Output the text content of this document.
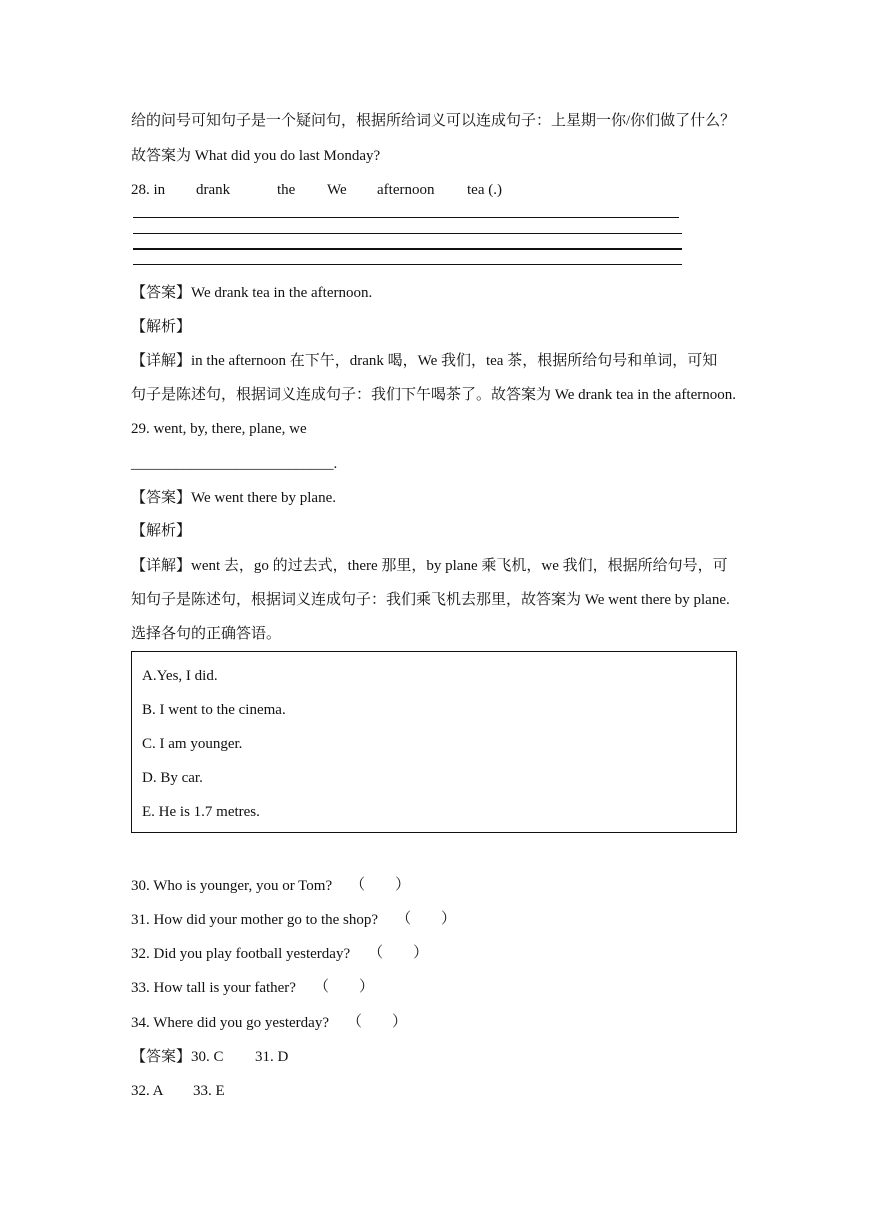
给的问号可知句子是一个疑问句，根据所给词义可以连成句子：上星期一你/你们做了什么？
故答案为 What did you do last Monday?
28. in drank	the We afternoon tea (.)
【答案】We drank tea in the afternoon.
【解析】
【详解】in the afternoon 在下午，drank 喝，We 我们，tea 茶，根据所给句号和单词，可知
句子是陈述句，根据词义连成句子：我们下午喝茶了。故答案为 We drank tea in the afternoon.
29. went, by, there, plane, we
___________________________.
【答案】We went there by plane.
【解析】
【详解】went 去，go 的过去式，there 那里，by plane 乘飞机，we 我们，根据所给句号，可
知句子是陈述句，根据词义连成句子：我们乘飞机去那里，故答案为 We went there by plane.
选择各句的正确答语。
A.Yes, I did.
B. I went to the cinema.
C. I am younger.
D. By car.
E. He is 1.7 metres.
30. Who is younger, you or Tom? （ ）
31. How did your mother go to the shop? （ ）
32. Did you play football yesterday? （ ）
33. How tall is your father? （ ）
34. Where did you go yesterday? （ ）
【答案】30. C 31. D
32. A 33. E
